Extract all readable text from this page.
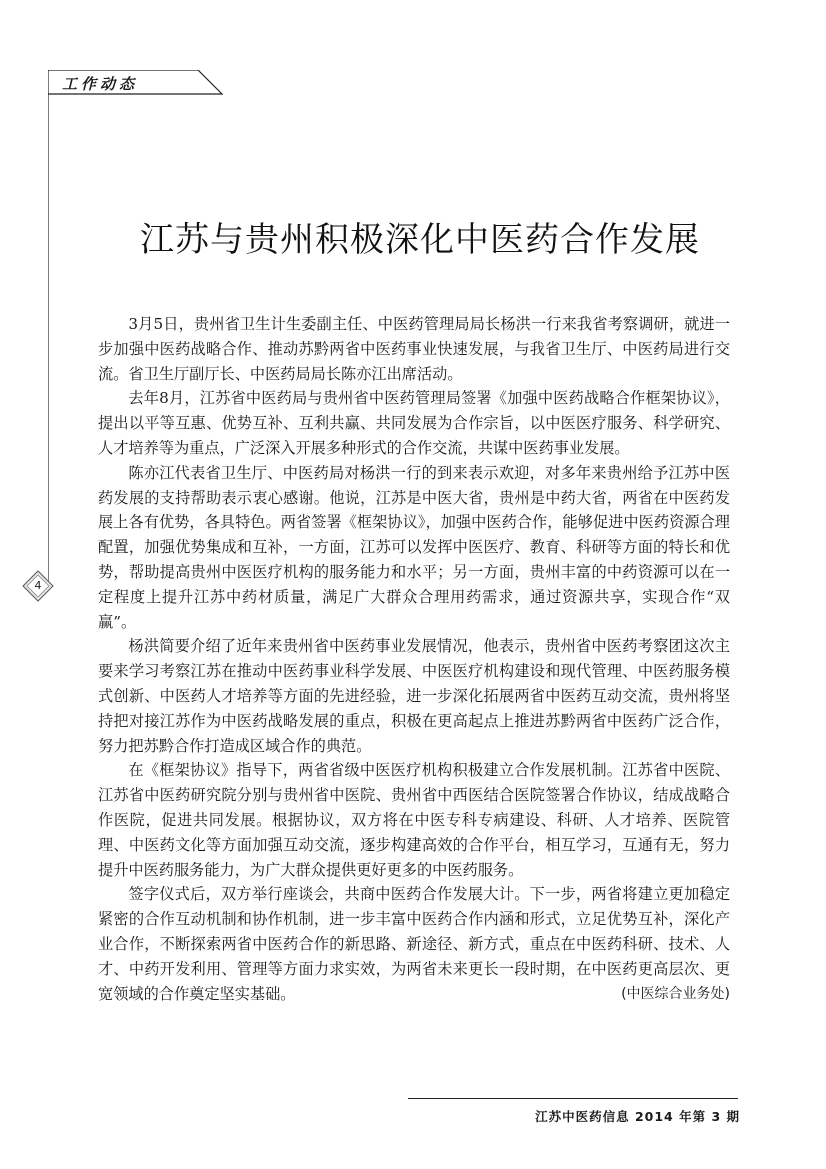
工作动态
4
江苏与贵州积极深化中医药合作发展

3月5日，贵州省卫生计生委副主任、中医药管理局局长杨洪一行来我省考察调研，就进一步加强中医药战略合作、推动苏黔两省中医药事业快速发展，与我省卫生厅、中医药局进行交流。省卫生厅副厅长、中医药局局长陈亦江出席活动。

去年8月，江苏省中医药局与贵州省中医药管理局签署《加强中医药战略合作框架协议》，提出以平等互惠、优势互补、互利共赢、共同发展为合作宗旨，以中医医疗服务、科学研究、人才培养等为重点，广泛深入开展多种形式的合作交流，共谋中医药事业发展。

陈亦江代表省卫生厅、中医药局对杨洪一行的到来表示欢迎，对多年来贵州给予江苏中医药发展的支持帮助表示衷心感谢。他说，江苏是中医大省，贵州是中药大省，两省在中医药发展上各有优势，各具特色。两省签署《框架协议》，加强中医药合作，能够促进中医药资源合理配置，加强优势集成和互补，一方面，江苏可以发挥中医医疗、教育、科研等方面的特长和优势，帮助提高贵州中医医疗机构的服务能力和水平；另一方面，贵州丰富的中药资源可以在一定程度上提升江苏中药材质量，满足广大群众合理用药需求，通过资源共享，实现合作“双赢”。

杨洪简要介绍了近年来贵州省中医药事业发展情况，他表示，贵州省中医药考察团这次主要来学习考察江苏在推动中医药事业科学发展、中医医疗机构建设和现代管理、中医药服务模式创新、中医药人才培养等方面的先进经验，进一步深化拓展两省中医药互动交流，贵州将坚持把对接江苏作为中医药战略发展的重点，积极在更高起点上推进苏黔两省中医药广泛合作，努力把苏黔合作打造成区域合作的典范。

在《框架协议》指导下，两省省级中医医疗机构积极建立合作发展机制。江苏省中医院、江苏省中医药研究院分别与贵州省中医院、贵州省中西医结合医院签署合作协议，结成战略合作医院，促进共同发展。根据协议，双方将在中医专科专病建设、科研、人才培养、医院管理、中医药文化等方面加强互动交流，逐步构建高效的合作平台，相互学习，互通有无，努力提升中医药服务能力，为广大群众提供更好更多的中医药服务。

签字仪式后，双方举行座谈会，共商中医药合作发展大计。下一步，两省将建立更加稳定紧密的合作互动机制和协作机制，进一步丰富中医药合作内涵和形式，立足优势互补，深化产业合作，不断探索两省中医药合作的新思路、新途径、新方式，重点在中医药科研、技术、人才、中药开发利用、管理等方面力求实效，为两省未来更长一段时期，在中医药更高层次、更宽领域的合作奠定坚实基础。	(中医综合业务处)

江苏中医药信息 2014 年第 3 期
